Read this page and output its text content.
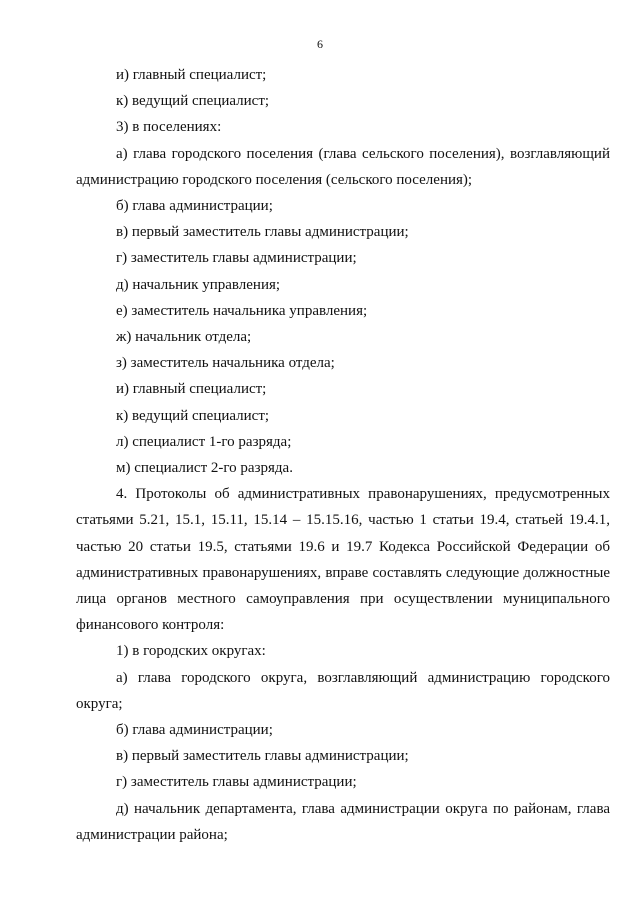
6

и) главный специалист;

к) ведущий специалист;

3) в поселениях:

а) глава городского поселения (глава сельского поселения), возглавляющий администрацию городского поселения (сельского поселения);

б) глава администрации;

в) первый заместитель главы администрации;

г) заместитель главы администрации;

д) начальник управления;

е) заместитель начальника управления;

ж) начальник отдела;

з) заместитель начальника отдела;

и) главный специалист;

к) ведущий специалист;

л) специалист 1-го разряда;

м) специалист 2-го разряда.

4. Протоколы об административных правонарушениях, предусмотренных статьями 5.21, 15.1, 15.11, 15.14 – 15.15.16, частью 1 статьи 19.4, статьей 19.4.1, частью 20 статьи 19.5, статьями 19.6 и 19.7 Кодекса Российской Федерации об административных правонарушениях, вправе составлять следующие должностные лица органов местного самоуправления при осуществлении муниципального финансового контроля:

1) в городских округах:

а) глава городского округа, возглавляющий администрацию городского округа;

б) глава администрации;

в) первый заместитель главы администрации;

г) заместитель главы администрации;

д) начальник департамента, глава администрации округа по районам, глава администрации района;
